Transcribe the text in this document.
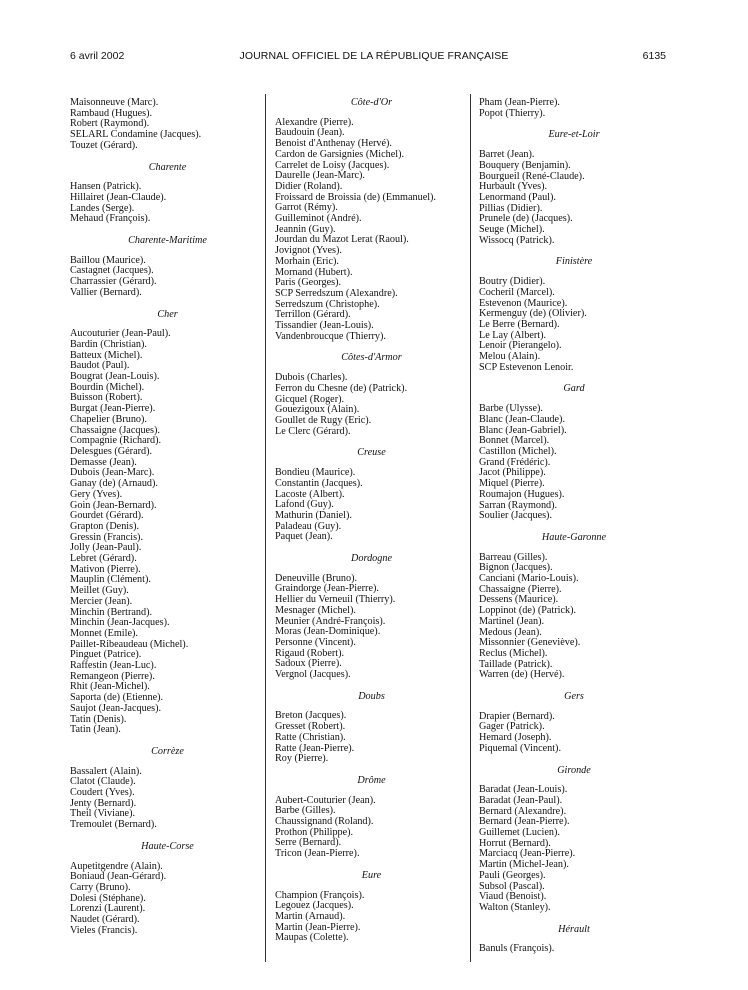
6 avril 2002	JOURNAL OFFICIEL DE LA RÉPUBLIQUE FRANÇAISE	6135
Maisonneuve (Marc).
Rambaud (Hugues).
Robert (Raymond).
SELARL Condamine (Jacques).
Touzet (Gérard).
Charente
Hansen (Patrick).
Hillairet (Jean-Claude).
Landes (Serge).
Mehaud (François).
Charente-Maritime
Baillou (Maurice).
Castagnet (Jacques).
Charrassier (Gérard).
Vallier (Bernard).
Cher
Aucouturier (Jean-Paul).
Bardin (Christian).
Batteux (Michel).
Baudot (Paul).
Bougrat (Jean-Louis).
Bourdin (Michel).
Buisson (Robert).
Burgat (Jean-Pierre).
Chapelier (Bruno).
Chassaigne (Jacques).
Compagnie (Richard).
Delesgues (Gérard).
Demasse (Jean).
Dubois (Jean-Marc).
Ganay (de) (Arnaud).
Gery (Yves).
Goin (Jean-Bernard).
Gourdet (Gérard).
Grapton (Denis).
Gressin (Francis).
Jolly (Jean-Paul).
Lebret (Gérard).
Mativon (Pierre).
Mauplin (Clément).
Meillet (Guy).
Mercier (Jean).
Minchin (Bertrand).
Minchin (Jean-Jacques).
Monnet (Emile).
Paillet-Ribeaudeau (Michel).
Pinguet (Patrice).
Raffestin (Jean-Luc).
Remangeon (Pierre).
Rhit (Jean-Michel).
Saporta (de) (Etienne).
Saujot (Jean-Jacques).
Tatin (Denis).
Tatin (Jean).
Corrèze
Bassalert (Alain).
Clatot (Claude).
Coudert (Yves).
Jenty (Bernard).
Theil (Viviane).
Tremoulet (Bernard).
Haute-Corse
Aupetitgendre (Alain).
Boniaud (Jean-Gérard).
Carry (Bruno).
Dolesi (Stéphane).
Lorenzi (Laurent).
Naudet (Gérard).
Vieles (Francis).
Côte-d'Or
Alexandre (Pierre).
Baudouin (Jean).
Benoist d'Anthenay (Hervé).
Cardon de Garsignies (Michel).
Carrelet de Loisy (Jacques).
Daurelle (Jean-Marc).
Didier (Roland).
Froissard de Broissia (de) (Emmanuel).
Garrot (Rémy).
Guilleminot (André).
Jeannin (Guy).
Jourdan du Mazot Lerat (Raoul).
Jovignot (Yves).
Morhain (Eric).
Mornand (Hubert).
Paris (Georges).
SCP Serredszum (Alexandre).
Serredszum (Christophe).
Terrillon (Gérard).
Tissandier (Jean-Louis).
Vandenbroucque (Thierry).
Côtes-d'Armor
Dubois (Charles).
Ferron du Chesne (de) (Patrick).
Gicquel (Roger).
Gouezigoux (Alain).
Goullet de Rugy (Eric).
Le Clerc (Gérard).
Creuse
Bondieu (Maurice).
Constantin (Jacques).
Lacoste (Albert).
Lafond (Guy).
Mathurin (Daniel).
Paladeau (Guy).
Paquet (Jean).
Dordogne
Deneuville (Bruno).
Graindorge (Jean-Pierre).
Hellier du Verneuil (Thierry).
Mesnager (Michel).
Meunier (André-François).
Moras (Jean-Dominique).
Personne (Vincent).
Rigaud (Robert).
Sadoux (Pierre).
Vergnol (Jacques).
Doubs
Breton (Jacques).
Gresset (Robert).
Ratte (Christian).
Ratte (Jean-Pierre).
Roy (Pierre).
Drôme
Aubert-Couturier (Jean).
Barbe (Gilles).
Chaussignand (Roland).
Prothon (Philippe).
Serre (Bernard).
Tricon (Jean-Pierre).
Eure
Champion (François).
Legouez (Jacques).
Martin (Arnaud).
Martin (Jean-Pierre).
Maupas (Colette).
Pham (Jean-Pierre).
Popot (Thierry).
Eure-et-Loir
Barret (Jean).
Bouquery (Benjamin).
Bourgueil (René-Claude).
Hurbault (Yves).
Lenormand (Paul).
Pillias (Didier).
Prunele (de) (Jacques).
Seuge (Michel).
Wissocq (Patrick).
Finistère
Boutry (Didier).
Cocheril (Marcel).
Estevenon (Maurice).
Kermenguy (de) (Olivier).
Le Berre (Bernard).
Le Lay (Albert).
Lenoir (Pierangelo).
Melou (Alain).
SCP Estevenon Lenoir.
Gard
Barbe (Ulysse).
Blanc (Jean-Claude).
Blanc (Jean-Gabriel).
Bonnet (Marcel).
Castillon (Michel).
Grand (Frédéric).
Jacot (Philippe).
Miquel (Pierre).
Roumajon (Hugues).
Sarran (Raymond).
Soulier (Jacques).
Haute-Garonne
Barreau (Gilles).
Bignon (Jacques).
Canciani (Mario-Louis).
Chassaigne (Pierre).
Dessens (Maurice).
Loppinot (de) (Patrick).
Martinel (Jean).
Medous (Jean).
Missonnier (Geneviève).
Reclus (Michel).
Taillade (Patrick).
Warren (de) (Hervé).
Gers
Drapier (Bernard).
Gager (Patrick).
Hemard (Joseph).
Piquemal (Vincent).
Gironde
Baradat (Jean-Louis).
Baradat (Jean-Paul).
Bernard (Alexandre).
Bernard (Jean-Pierre).
Guillemet (Lucien).
Horrut (Bernard).
Marciacq (Jean-Pierre).
Martin (Michel-Jean).
Pauli (Georges).
Subsol (Pascal).
Viaud (Benoist).
Walton (Stanley).
Hérault
Banuls (François).
